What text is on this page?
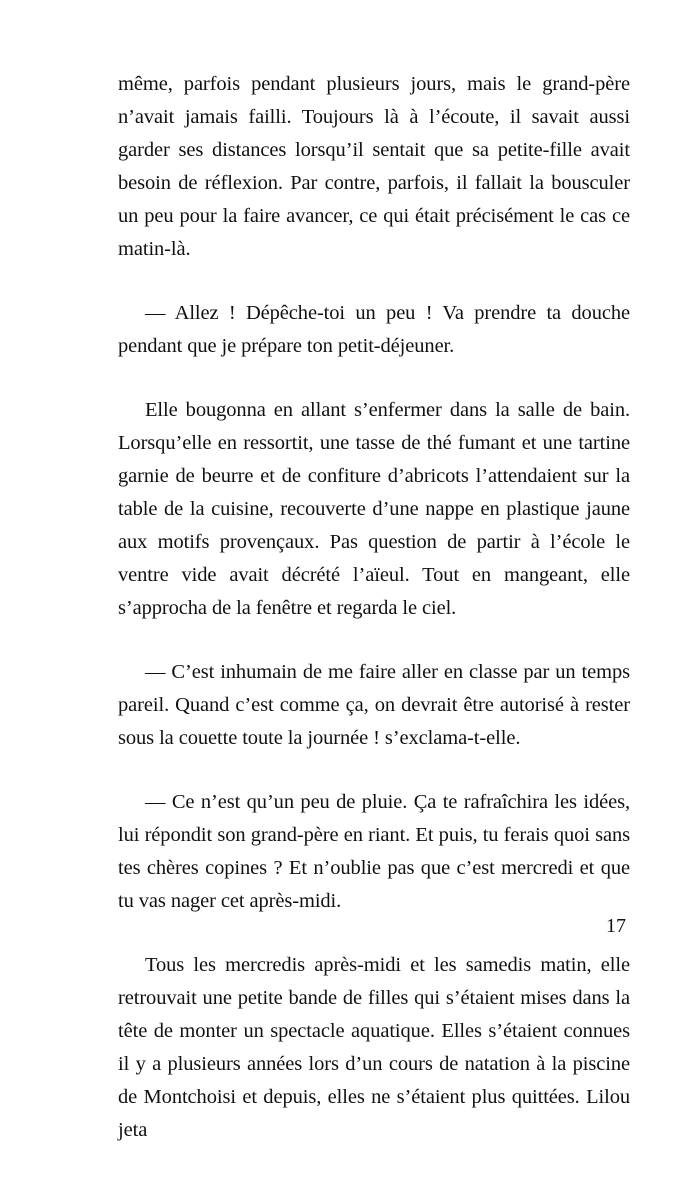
même, parfois pendant plusieurs jours, mais le grand-père n’avait jamais failli. Toujours là à l’écoute, il savait aussi garder ses distances lorsqu’il sentait que sa petite-fille avait besoin de réflexion. Par contre, parfois, il fallait la bousculer un peu pour la faire avancer, ce qui était précisément le cas ce matin-là.

— Allez ! Dépêche-toi un peu ! Va prendre ta douche pendant que je prépare ton petit-déjeuner.

Elle bougonna en allant s’enfermer dans la salle de bain. Lorsqu’elle en ressortit, une tasse de thé fumant et une tartine garnie de beurre et de confiture d’abricots l’attendaient sur la table de la cuisine, recouverte d’une nappe en plastique jaune aux motifs provençaux. Pas question de partir à l’école le ventre vide avait décrété l’aïeul. Tout en mangeant, elle s’approcha de la fenêtre et regarda le ciel.

— C’est inhumain de me faire aller en classe par un temps pareil. Quand c’est comme ça, on devrait être autorisé à rester sous la couette toute la journée ! s’exclama-t-elle.

— Ce n’est qu’un peu de pluie. Ça te rafraîchira les idées, lui répondit son grand-père en riant. Et puis, tu ferais quoi sans tes chères copines ? Et n’oublie pas que c’est mercredi et que tu vas nager cet après-midi.

Tous les mercredis après-midi et les samedis matin, elle retrouvait une petite bande de filles qui s’étaient mises dans la tête de monter un spectacle aquatique. Elles s’étaient connues il y a plusieurs années lors d’un cours de natation à la piscine de Montchoisi et depuis, elles ne s’étaient plus quittées. Lilou jeta

17
